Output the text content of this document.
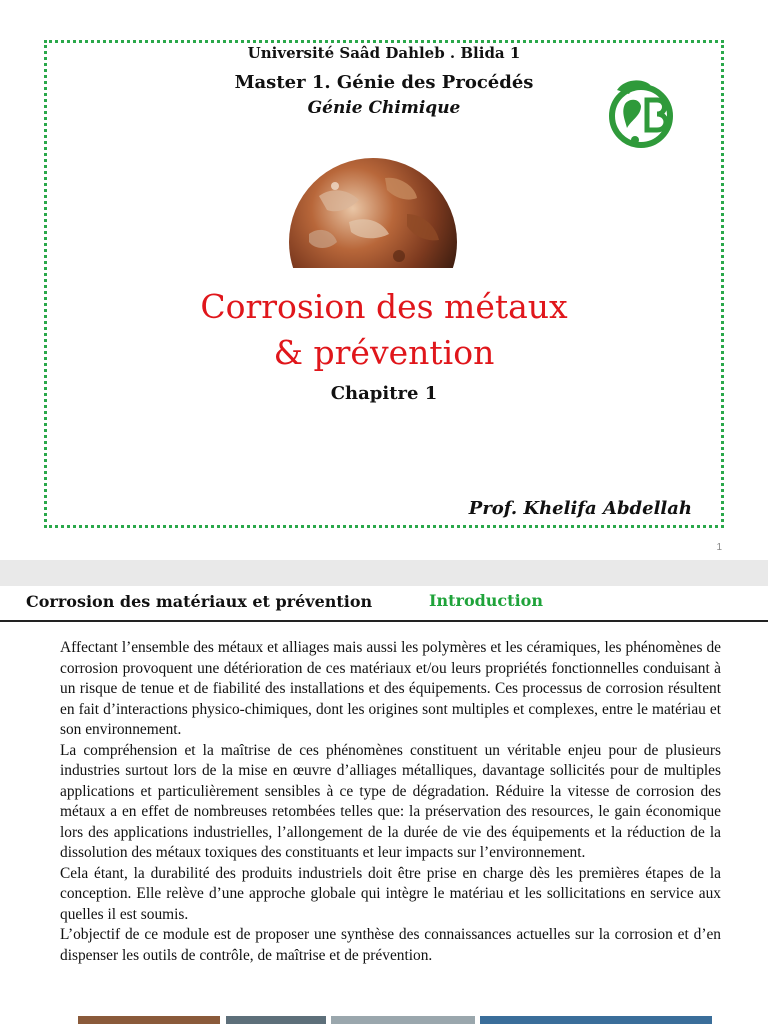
Université Saâd Dahleb . Blida 1
Master 1. Génie des Procédés
Génie Chimique
Corrosion des métaux
& prévention
Chapitre 1
Prof. Khelifa Abdellah
1
Corrosion des matériaux et prévention	Introduction

Affectant l’ensemble des métaux et alliages mais aussi les polymères et les céramiques, les phénomènes de corrosion provoquent une détérioration de ces matériaux et/ou leurs propriétés fonctionnelles conduisant à un risque de tenue et de fiabilité des installations et des équipements. Ces processus de corrosion résultent en fait d’interactions physico-chimiques, dont les origines sont multiples et complexes, entre le matériau et son environnement.

La compréhension et la maîtrise de ces phénomènes constituent un véritable enjeu pour de plusieurs industries surtout lors de la mise en œuvre d’alliages métalliques, davantage sollicités pour de multiples applications et particulièrement sensibles à ce type de dégradation. Réduire la vitesse de corrosion des métaux a en effet de nombreuses retombées telles que: la préservation des resources, le gain économique lors des applications industrielles, l’allongement de la durée de vie des équipements et la réduction de la dissolution des métaux toxiques des constituants et leur impacts sur l’environnement.

Cela étant, la durabilité des produits industriels doit être prise en charge dès les premières étapes de la conception. Elle relève d’une approche globale qui intègre le matériau et les sollicitations en service aux quelles il est soumis.

L’objectif de ce module est de proposer une synthèse des connaissances actuelles sur la corrosion et d’en dispenser les outils de contrôle, de maîtrise et de prévention.
